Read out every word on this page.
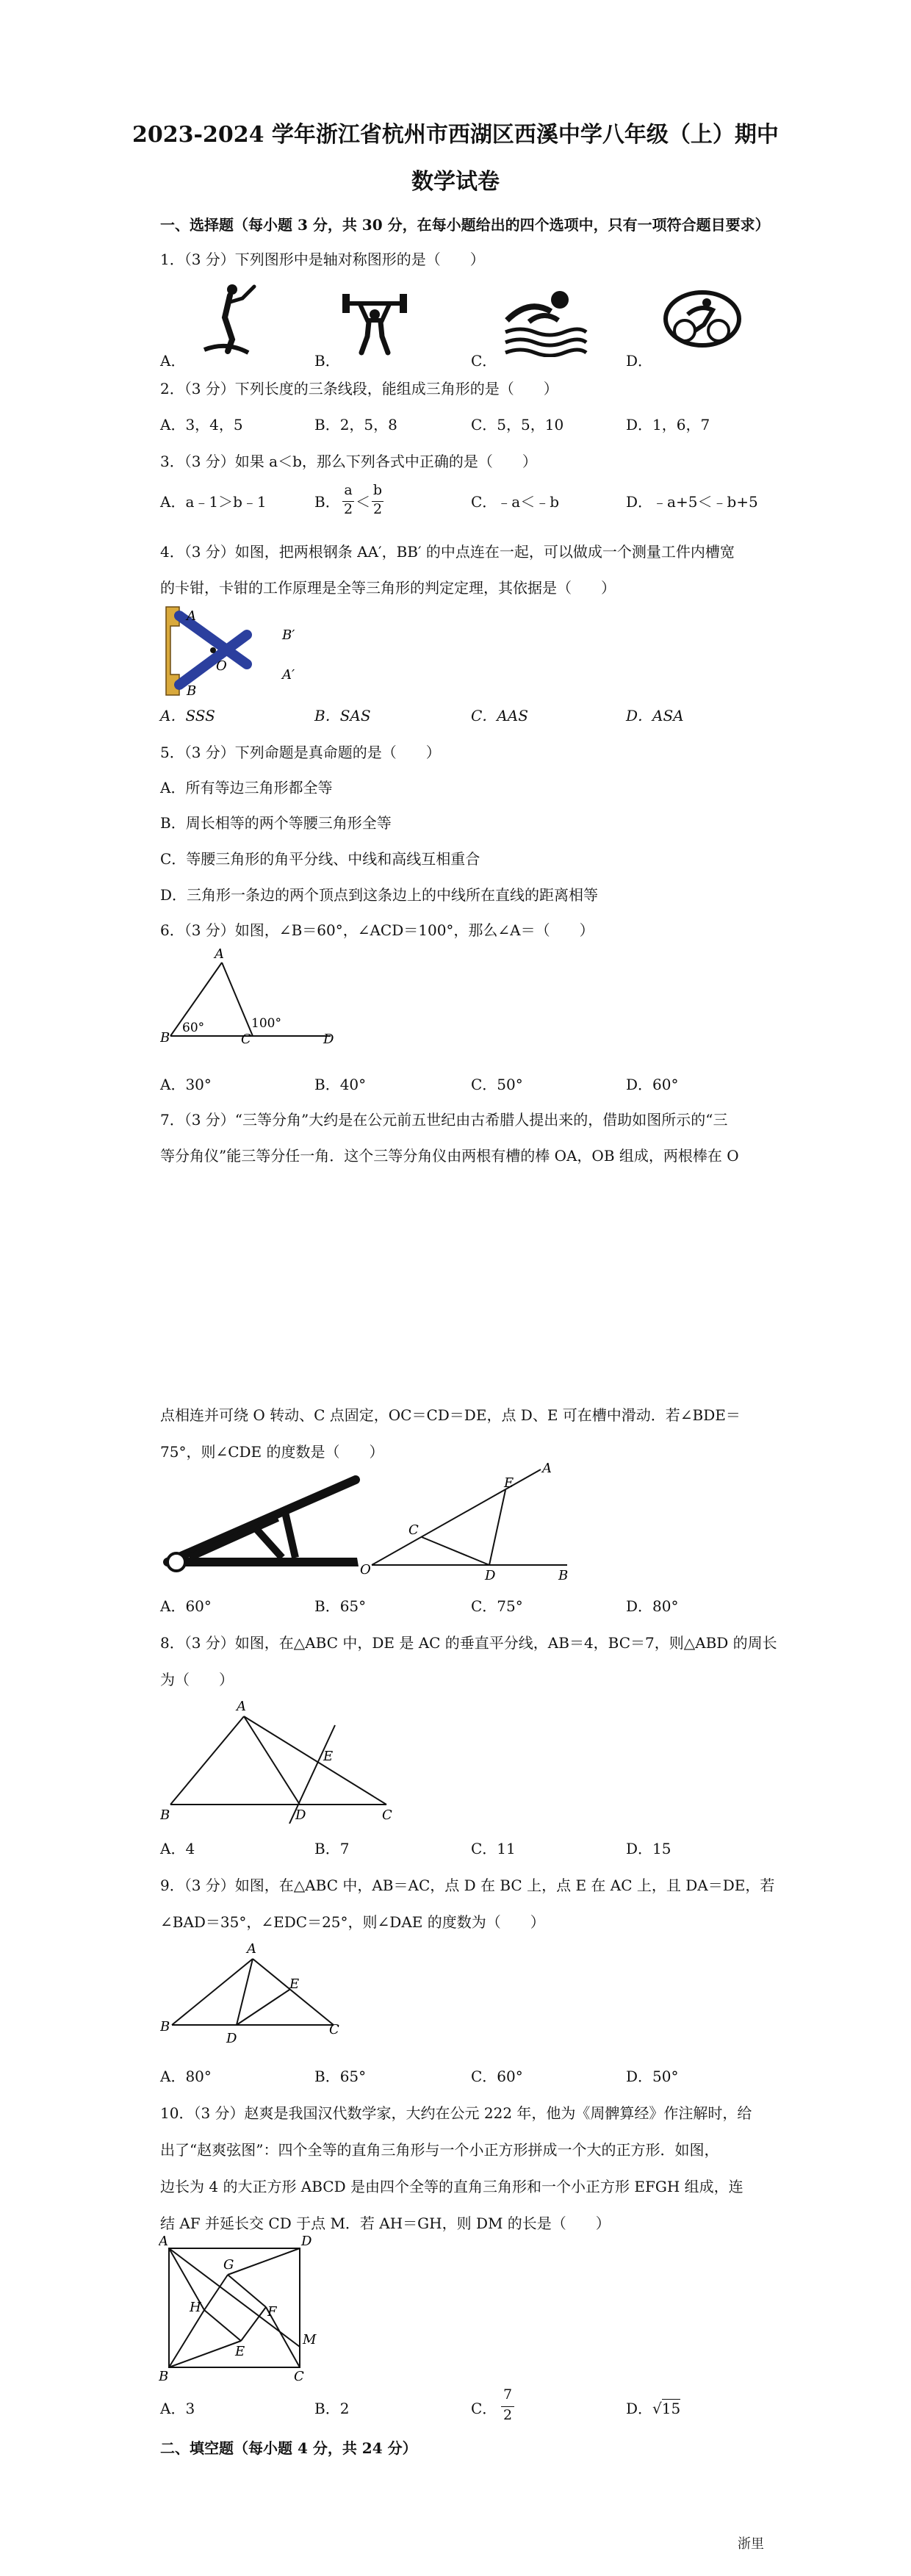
2023-2024 学年浙江省杭州市西湖区西溪中学八年级（上）期中
数学试卷
一、选择题（每小题 3 分，共 30 分，在每小题给出的四个选项中，只有一项符合题目要求）
1．（3 分）下列图形中是轴对称图形的是（　　）
A．	B．	C．	D．
2．（3 分）下列长度的三条线段，能组成三角形的是（　　）
A．3，4，5	B．2，5，8	C．5，5，10	D．1，6，7
3．（3 分）如果 a＜b，那么下列各式中正确的是（　　）
A．a﹣1＞b﹣1	B．
a
2 ＜
b
2	C．﹣a＜﹣b	D．﹣a+5＜﹣b+5
4．（3 分）如图，把两根钢条 AA′，BB′ 的中点连在一起，可以做成一个测量工件内槽宽
的卡钳，卡钳的工作原理是全等三角形的判定定理，其依据是（　　）
B′
O
A′
A
B
A．SSS	B．SAS	C．AAS	D．ASA
5．（3 分）下列命题是真命题的是（　　）
A．所有等边三角形都全等
B．周长相等的两个等腰三角形全等
C．等腰三角形的角平分线、中线和高线互相重合
D．三角形一条边的两个顶点到这条边上的中线所在直线的距离相等
6．（3 分）如图，∠B＝60°，∠ACD＝100°，那么∠A＝（　　）
A
B	C	D
60°	100°
A．30°	B．40°	C．50°	D．60°
7．（3 分）“三等分角”大约是在公元前五世纪由古希腊人提出来的，借助如图所示的“三
等分角仪”能三等分任一角．这个三等分角仪由两根有槽的棒 OA，OB 组成，两根棒在 O
点相连并可绕 O 转动、C 点固定，OC＝CD＝DE，点 D、E 可在槽中滑动．若∠BDE＝
75°，则∠CDE 的度数是（　　）
A
E
C
O	D	B
A．60°	B．65°	C．75°	D．80°
8．（3 分）如图，在△ABC 中，DE 是 AC 的垂直平分线，AB＝4，BC＝7，则△ABD 的周长
为（　　）
A
E
B	D	C
A．4	B．7	C．11	D．15
9．（3 分）如图，在△ABC 中，AB＝AC，点 D 在 BC 上，点 E 在 AC 上，且 DA＝DE，若
∠BAD＝35°，∠EDC＝25°，则∠DAE 的度数为（　　）
A
E
B
D
C
A．80°	B．65°	C．60°	D．50°
10．（3 分）赵爽是我国汉代数学家，大约在公元 222 年，他为《周髀算经》作注解时，给
出了“赵爽弦图”：四个全等的直角三角形与一个小正方形拼成一个大的正方形．如图，
边长为 4 的大正方形 ABCD 是由四个全等的直角三角形和一个小正方形 EFGH 组成，连
结 AF 并延长交 CD 于点 M．若 AH＝GH，则 DM 的长是（　　）
A	D
G
H	F
M
E
B	C
A．3	B．2	C．
7
2	D．√15
二、填空题（每小题 4 分，共 24 分）
浙里
